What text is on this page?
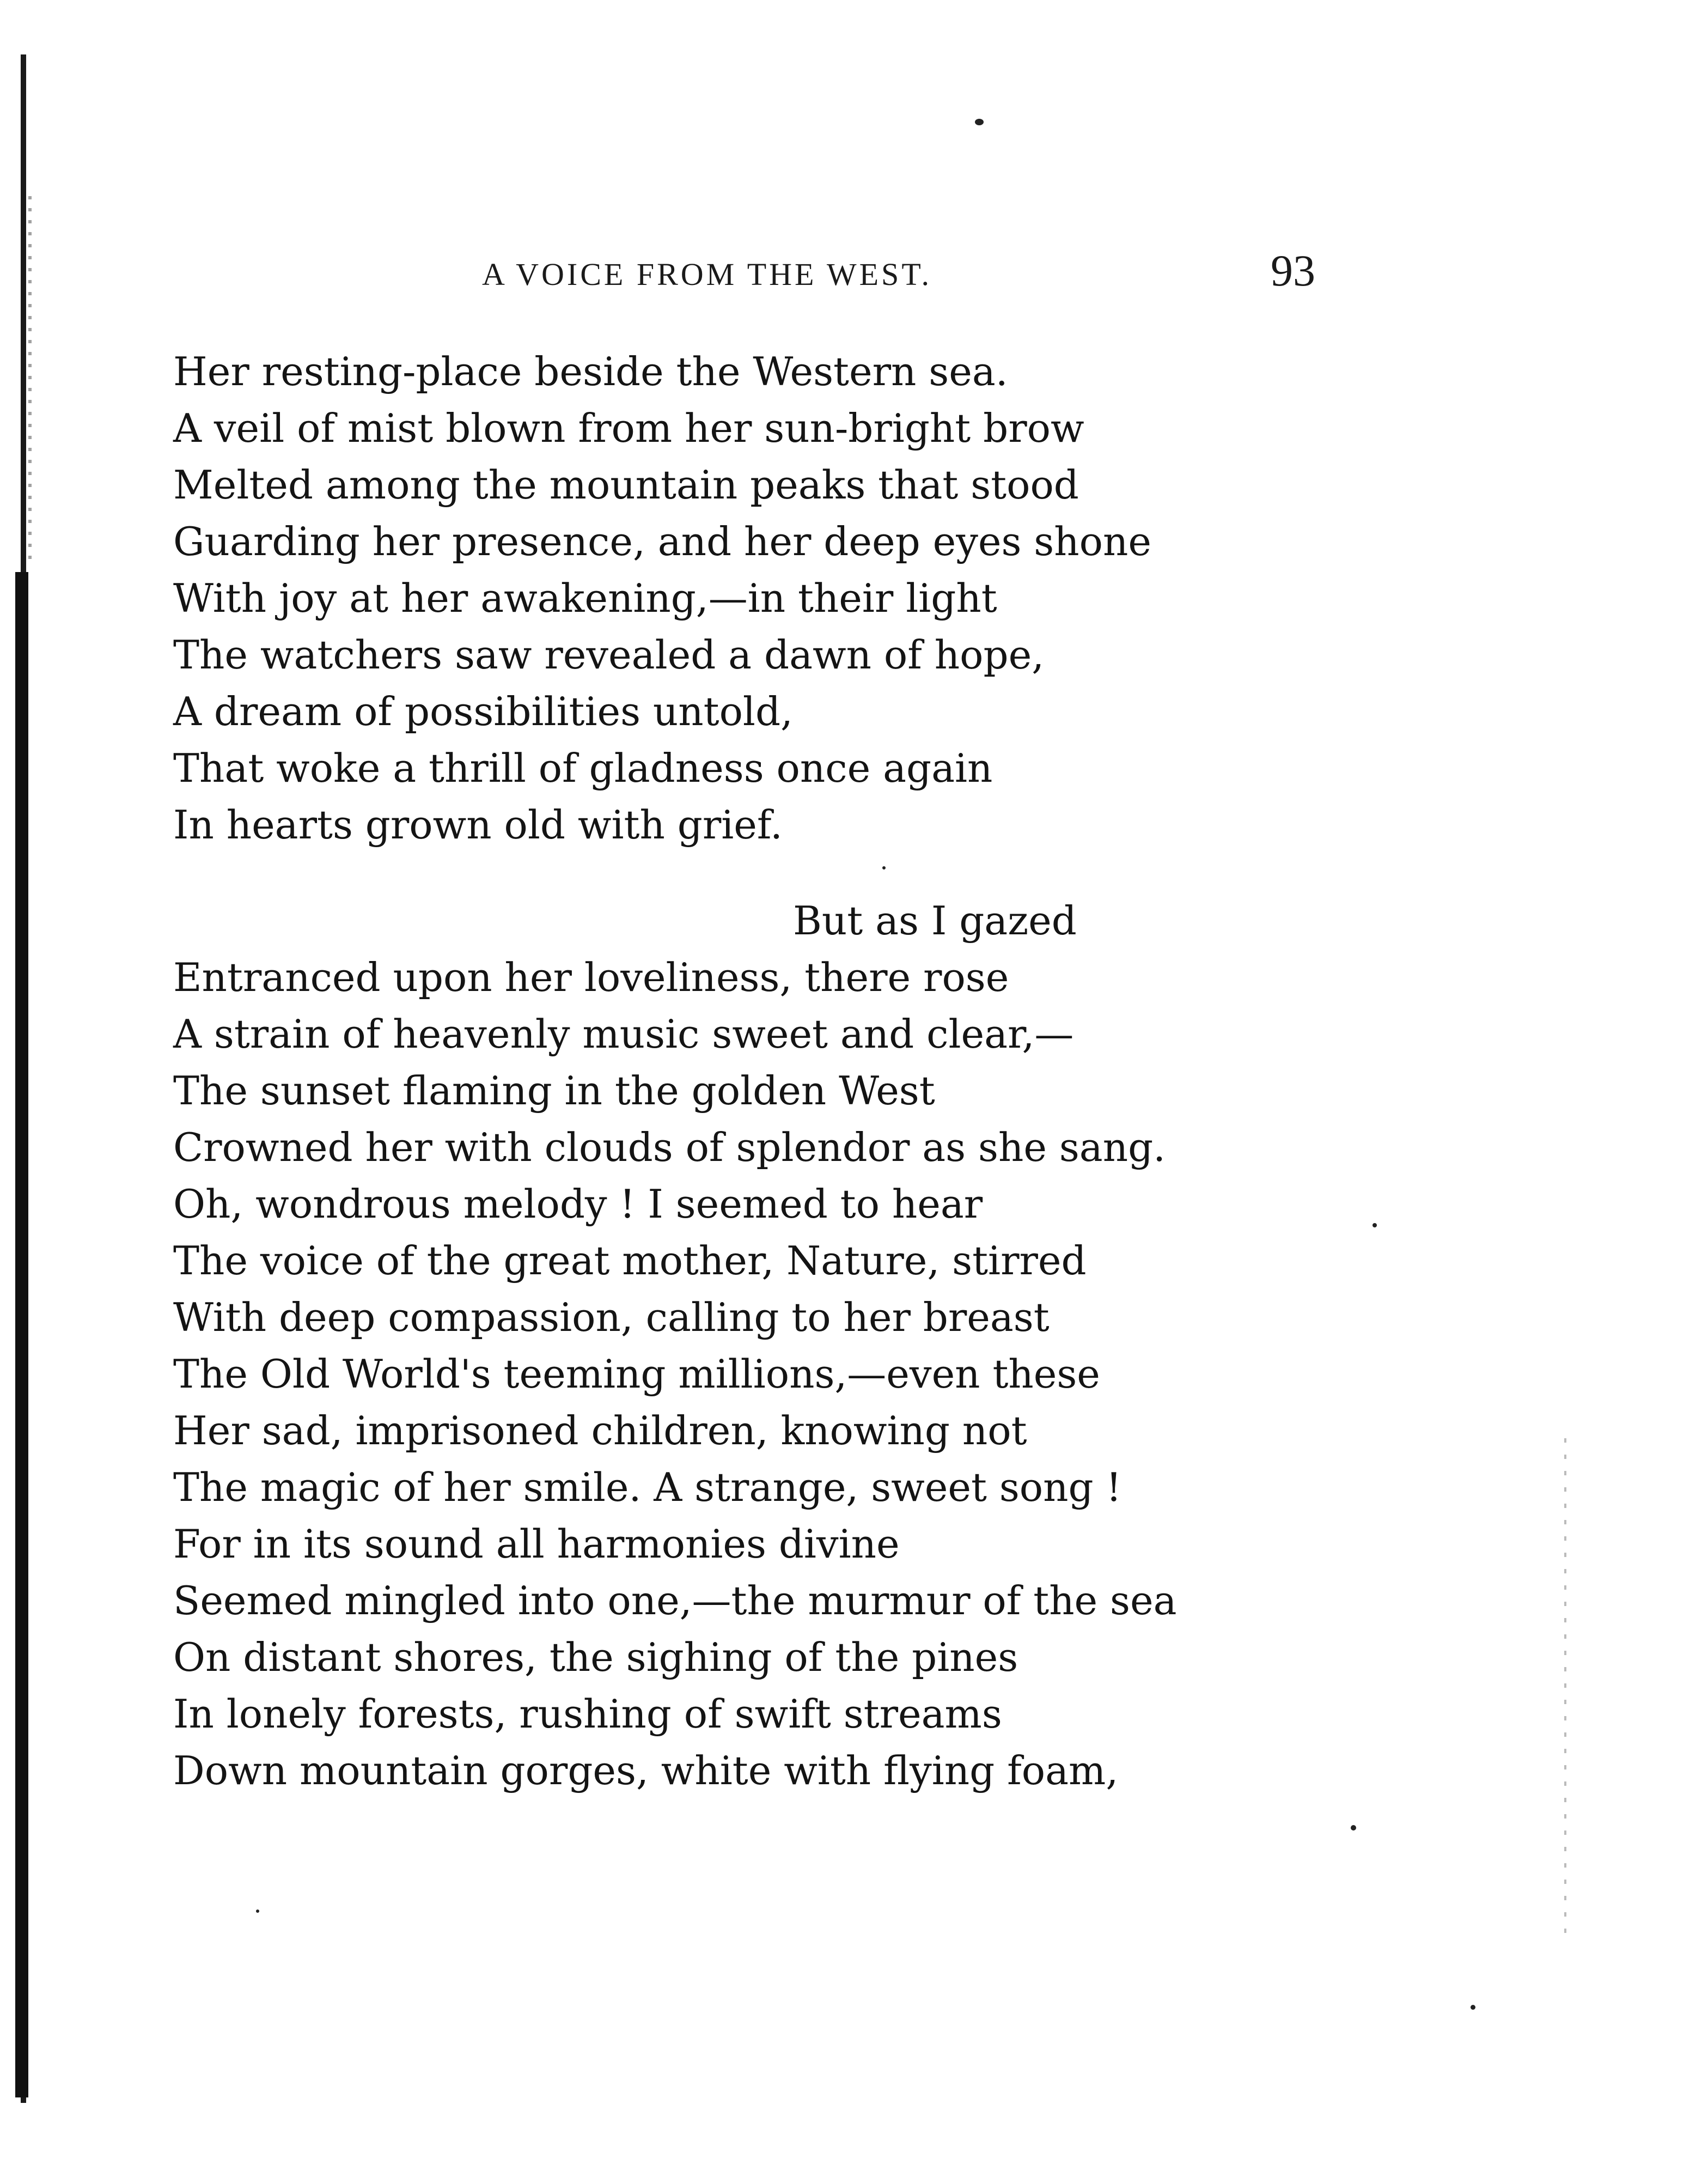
A VOICE FROM THE WEST.	93
Her resting-place beside the Western sea.
A veil of mist blown from her sun-bright brow
Melted among the mountain peaks that stood
Guarding her presence, and her deep eyes shone
With joy at her awakening,—in their light
The watchers saw revealed a dawn of hope,
A dream of possibilities untold,
That woke a thrill of gladness once again
In hearts grown old with grief.
But as I gazed
Entranced upon her loveliness, there rose
A strain of heavenly music sweet and clear,—
The sunset flaming in the golden West
Crowned her with clouds of splendor as she sang.
Oh, wondrous melody ! I seemed to hear
The voice of the great mother, Nature, stirred
With deep compassion, calling to her breast
The Old World's teeming millions,—even these
Her sad, imprisoned children, knowing not
The magic of her smile. A strange, sweet song !
For in its sound all harmonies divine
Seemed mingled into one,—the murmur of the sea
On distant shores, the sighing of the pines
In lonely forests, rushing of swift streams
Down mountain gorges, white with flying foam,
